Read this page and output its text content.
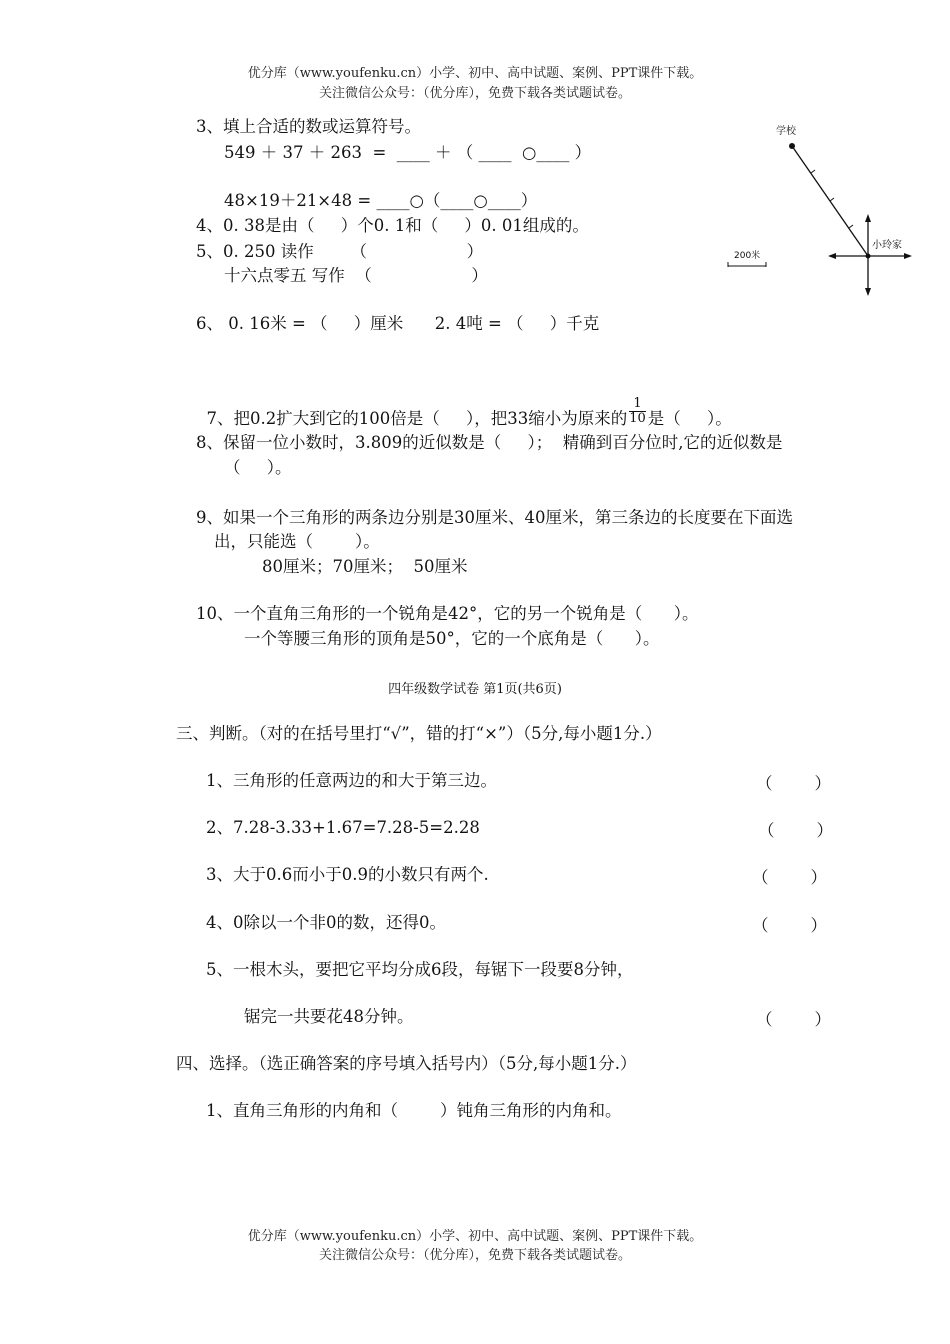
优分库（www.youfenku.cn）小学、初中、高中试题、案例、PPT课件下载。
关注微信公众号：（优分库），免费下载各类试题试卷。
3、填上合适的数或运算符号。
549 ＋ 37 ＋ 263  =  ____ ＋ （ ____  ○____ ）
48×19＋21×48 = ____○（____○____）
4、0. 38是由（     ）个0. 1和（     ）0. 01组成的。
5、0. 250 读作       （                   ）
十六点零五 写作  （                   ）
6、 0. 16米 = （     ）厘米      2. 4吨 = （     ）千克

7、把0.2扩大到它的100倍是（     ），把33缩小为原来的 $\frac{1}{10}$ 是（     ）。

8、保留一位小数时，3.809的近似数是（     ）；  精确到百分位时,它的近似数是
（     ）。
9、如果一个三角形的两条边分别是30厘米、40厘米，第三条边的长度要在下面选
出，只能选（        ）。
80厘米；70厘米；  50厘米
10、一个直角三角形的一个锐角是42°，它的另一个锐角是（      ）。
一个等腰三角形的顶角是50°，它的一个底角是（      ）。
学校
小玲家
200米
四年级数学试卷 第1页(共6页)
三、判断。（对的在括号里打“√”，错的打“×”）（5分,每小题1分.）
1、三角形的任意两边的和大于第三边。	（        ）
2、7.28-3.33+1.67=7.28-5=2.28	（        ）
3、大于0.6而小于0.9的小数只有两个.	（        ）
4、0除以一个非0的数，还得0。	（        ）
5、一根木头，要把它平均分成6段，每锯下一段要8分钟，
锯完一共要花48分钟。	（        ）
四、选择。（选正确答案的序号填入括号内）（5分,每小题1分.）
1、直角三角形的内角和（        ）钝角三角形的内角和。
优分库（www.youfenku.cn）小学、初中、高中试题、案例、PPT课件下载。
关注微信公众号：（优分库），免费下载各类试题试卷。
